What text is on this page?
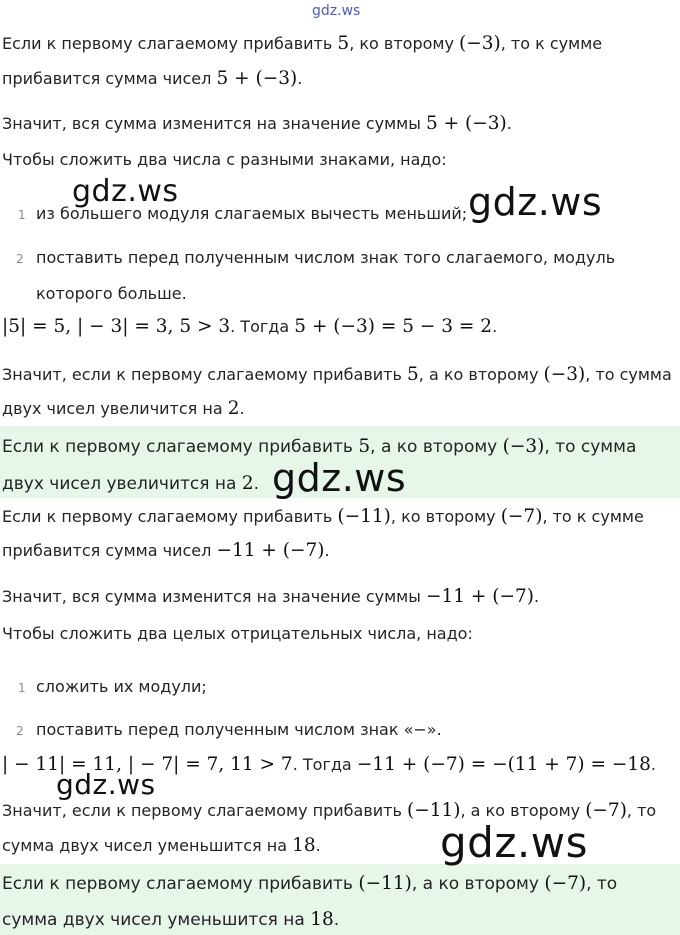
gdz.ws
Если к первому слагаемому прибавить 5, ко второму (−3), то к сумме
прибавится сумма чисел 5 + (−3).
Значит, вся сумма изменится на значение суммы 5 + (−3).
Чтобы сложить два числа с разными знаками, надо:
1 из большего модуля слагаемых вычесть меньший;
2 поставить перед полученным числом знак того слагаемого, модуль
которого больше.
|5| = 5, | − 3| = 3, 5 > 3. Тогда 5 + (−3) = 5 − 3 = 2.
Значит, если к первому слагаемому прибавить 5, а ко второму (−3), то сумма
двух чисел увеличится на 2.
Если к первому слагаемому прибавить 5, а ко второму (−3), то сумма
двух чисел увеличится на 2.
Если к первому слагаемому прибавить (−11), ко второму (−7), то к сумме
прибавится сумма чисел −11 + (−7).
Значит, вся сумма изменится на значение суммы −11 + (−7).
Чтобы сложить два целых отрицательных числа, надо:
1 сложить их модули;
2 поставить перед полученным числом знак «−».
| − 11| = 11, | − 7| = 7, 11 > 7. Тогда −11 + (−7) = −(11 + 7) = −18.
Значит, если к первому слагаемому прибавить (−11), а ко второму (−7), то
сумма двух чисел уменьшится на 18.
Если к первому слагаемому прибавить (−11), а ко второму (−7), то
сумма двух чисел уменьшится на 18.
gdz.ws	gdz.ws
gdz.ws
gdz.ws
gdz.ws
